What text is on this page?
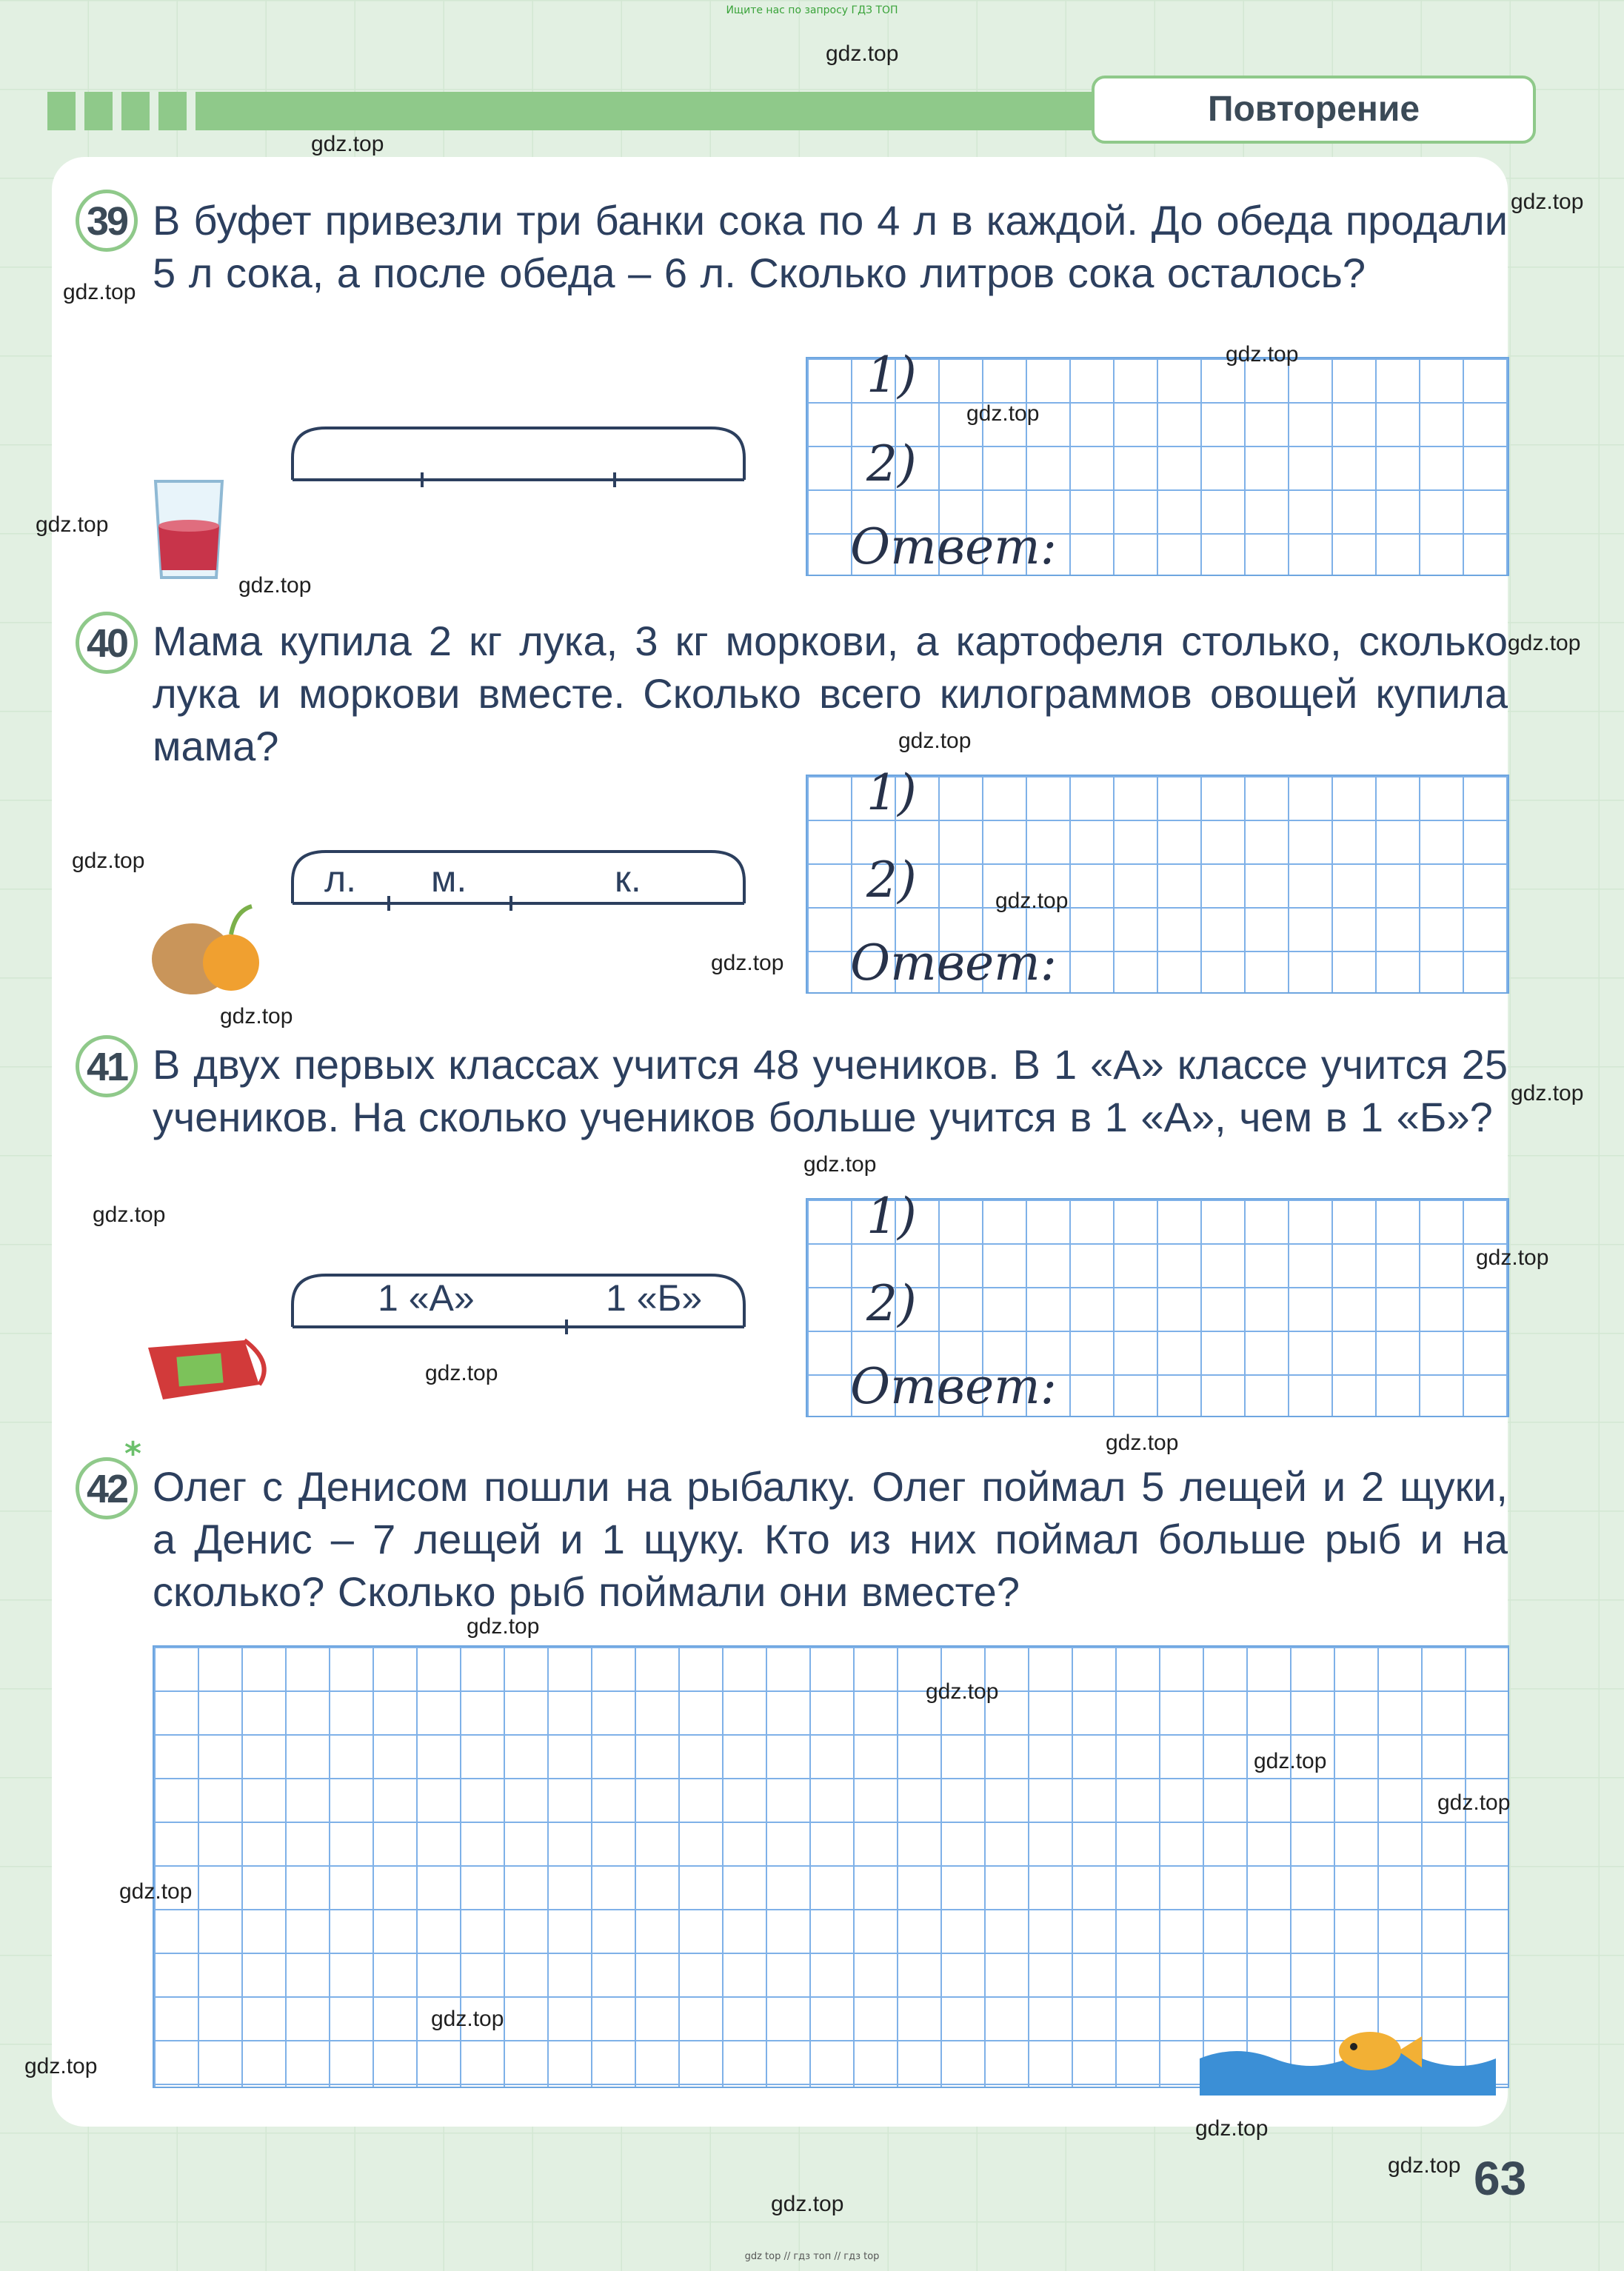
Ищите нас по запросу ГДЗ ТОП
Повторение
39 В буфет привезли три банки сока по 4 л в каждой. До обеда продали 5 л сока, а после обеда – 6 л. Сколько литров сока осталось?
1)
2)
Ответ:
40 Мама купила 2 кг лука, 3 кг моркови, а картофеля столько, сколько лука и моркови вместе. Сколько всего килограммов овощей купила мама?
л. м.	к.
1)
2)
Ответ:
41 В двух первых классах учится 48 учеников. В 1 «А» классе учится 25 учеников. На сколько учеников больше учится в 1 «А», чем в 1 «Б»?
1 «А»	1 «Б»
1)
2)
Ответ:
42
*
Олег с Денисом пошли на рыбалку. Олег поймал 5 лещей и 2 щуки, а Денис – 7 лещей и 1 щуку. Кто из них поймал больше рыб и на сколько? Сколько рыб поймали они вместе?
63
gdz top // гдз топ // гдз top
gdz.top
gdz.top
gdz.top
gdz.top
gdz.top
gdz.top
gdz.top
gdz.top
gdz.top
gdz.top
gdz.top
gdz.top
gdz.top
gdz.top
gdz.top
gdz.top
gdz.top
gdz.top
gdz.top
gdz.top
gdz.top
gdz.top
gdz.top
gdz.top
gdz.top
gdz.top
gdz.top
gdz.top
gdz.top
gdz.top
